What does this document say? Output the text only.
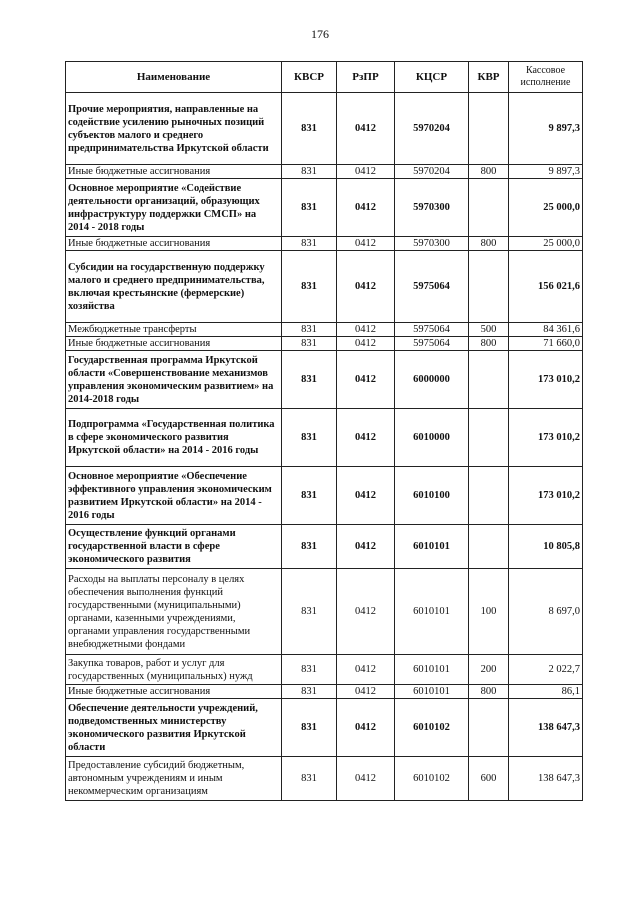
176
Наименование	КВСР	РзПР	КЦСР	КВР	Кассовое исполнение
Прочие мероприятия, направленные на содействие усилению рыночных позиций субъектов малого и среднего предпринимательства Иркутской области	831	0412	5970204		9 897,3
Иные бюджетные ассигнования	831	0412	5970204	800	9 897,3
Основное мероприятие «Содействие деятельности организаций, образующих инфраструктуру поддержки СМСП» на 2014 - 2018 годы	831	0412	5970300		25 000,0
Иные бюджетные ассигнования	831	0412	5970300	800	25 000,0
Субсидии на государственную поддержку малого и среднего предпринимательства, включая крестьянские (фермерские) хозяйства	831	0412	5975064		156 021,6
Межбюджетные трансферты	831	0412	5975064	500	84 361,6
Иные бюджетные ассигнования	831	0412	5975064	800	71 660,0
Государственная программа Иркутской области «Совершенствование механизмов управления экономическим развитием» на 2014-2018 годы	831	0412	6000000		173 010,2
Подпрограмма «Государственная политика в сфере экономического развития Иркутской области» на 2014 - 2016 годы	831	0412	6010000		173 010,2
Основное мероприятие «Обеспечение эффективного управления экономическим развитием Иркутской области» на 2014 - 2016 годы	831	0412	6010100		173 010,2
Осуществление функций органами государственной власти в сфере экономического развития	831	0412	6010101		10 805,8
Расходы на выплаты персоналу в целях обеспечения выполнения функций государственными (муниципальными) органами, казенными учреждениями, органами управления государственными внебюджетными фондами	831	0412	6010101	100	8 697,0
Закупка товаров, работ и услуг для государственных (муниципальных) нужд	831	0412	6010101	200	2 022,7
Иные бюджетные ассигнования	831	0412	6010101	800	86,1
Обеспечение деятельности учреждений, подведомственных министерству экономического развития Иркутской области	831	0412	6010102		138 647,3
Предоставление субсидий бюджетным, автономным учреждениям и иным некоммерческим организациям	831	0412	6010102	600	138 647,3
